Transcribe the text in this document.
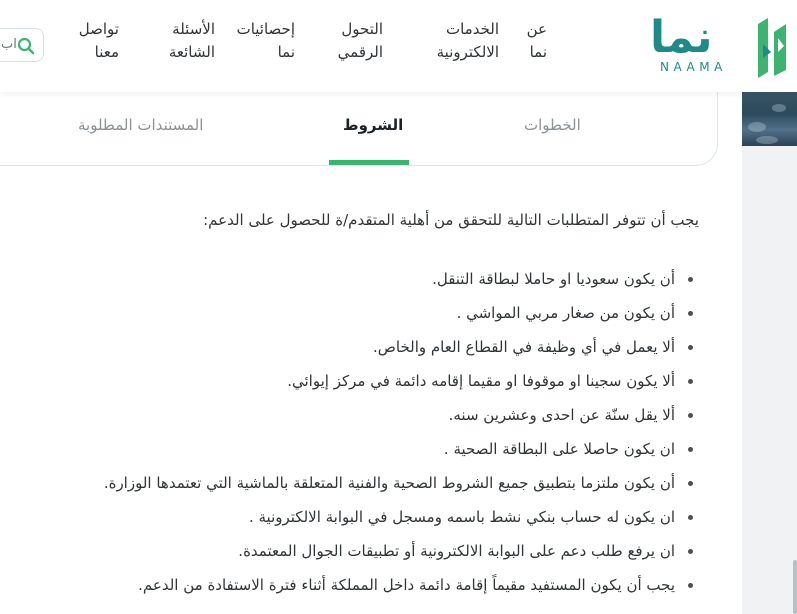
نما
NAAMA
عن
نما
الخدمات
الالكترونية
التحول
الرقمي
إحصائيات
نما
الأسئلة
الشائعة
تواصل
معنا
اب
الخطوات
الشروط
المستندات المطلوبة

يجب أن تتوفر المتطلبات التالية للتحقق من أهلية المتقدم/ة للحصول على الدعم:

أن يكون سعوديا او حاملا لبطاقة التنقل.
أن يكون من صغار مربي المواشي .
ألا يعمل في أي وظيفة في القطاع العام والخاص.
ألا يكون سجينا او موقوفا او مقيما إقامه دائمة في مركز إيوائي.
ألا يقل سنّة عن احدى وعشرين سنه.
ان يكون حاصلا على البطاقة الصحية .
أن يكون ملتزما بتطبيق جميع الشروط الصحية والفنية المتعلقة بالماشية التي تعتمدها الوزارة.
ان يكون له حساب بنكي نشط باسمه ومسجل في البوابة الالكترونية .
ان يرفع طلب دعم على البوابة الالكترونية أو تطبيقات الجوال المعتمدة.
يجب أن يكون المستفيد مقيماً إقامة دائمة داخل المملكة أثناء فترة الاستفادة من الدعم.
